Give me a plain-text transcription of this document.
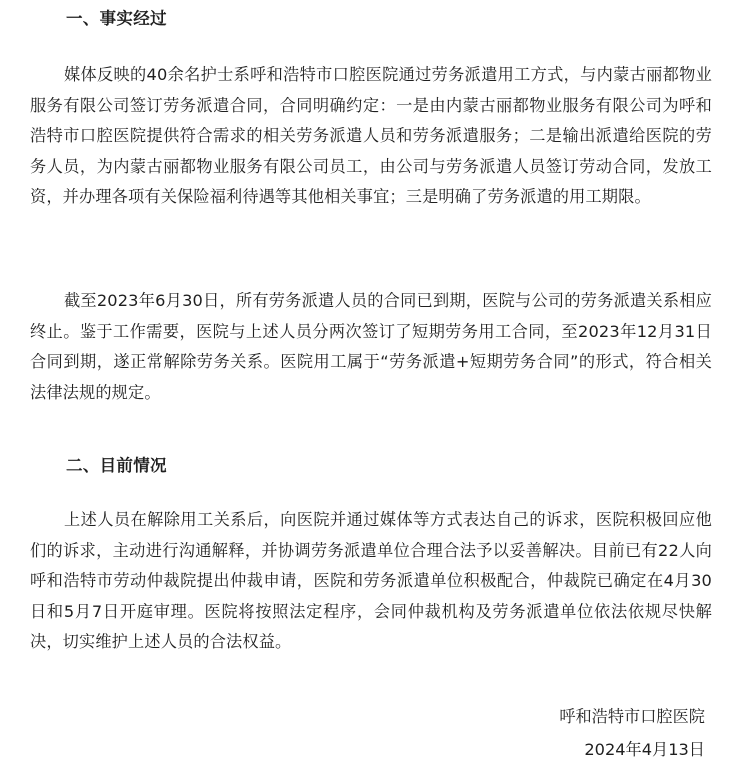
一、事实经过

媒体反映的40余名护士系呼和浩特市口腔医院通过劳务派遣用工方式，与内蒙古丽都物业服务有限公司签订劳务派遣合同，合同明确约定：一是由内蒙古丽都物业服务有限公司为呼和浩特市口腔医院提供符合需求的相关劳务派遣人员和劳务派遣服务；二是输出派遣给医院的劳务人员，为内蒙古丽都物业服务有限公司员工，由公司与劳务派遣人员签订劳动合同，发放工资，并办理各项有关保险福利待遇等其他相关事宜；三是明确了劳务派遣的用工期限。

截至2023年6月30日，所有劳务派遣人员的合同已到期，医院与公司的劳务派遣关系相应终止。鉴于工作需要，医院与上述人员分两次签订了短期劳务用工合同，至2023年12月31日合同到期，遂正常解除劳务关系。医院用工属于“劳务派遣+短期劳务合同”的形式，符合相关法律法规的规定。

二、目前情况

上述人员在解除用工关系后，向医院并通过媒体等方式表达自己的诉求，医院积极回应他们的诉求，主动进行沟通解释，并协调劳务派遣单位合理合法予以妥善解决。目前已有22人向呼和浩特市劳动仲裁院提出仲裁申请，医院和劳务派遣单位积极配合，仲裁院已确定在4月30日和5月7日开庭审理。医院将按照法定程序，会同仲裁机构及劳务派遣单位依法依规尽快解决，切实维护上述人员的合法权益。

呼和浩特市口腔医院

2024年4月13日
